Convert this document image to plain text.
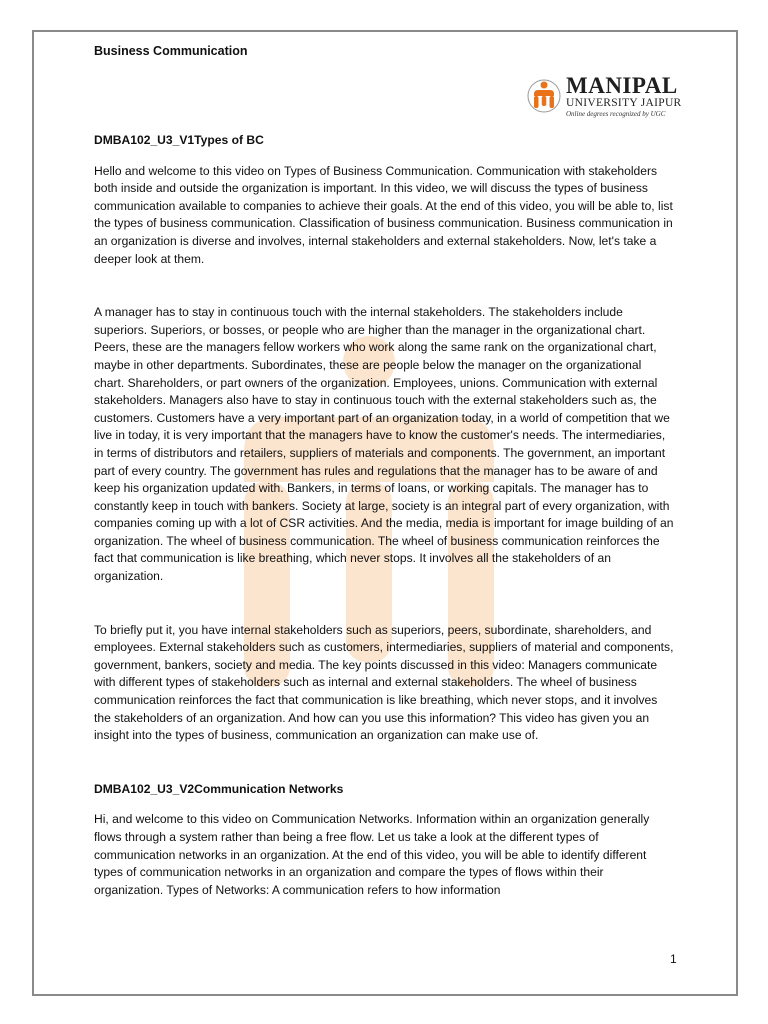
Business Communication
MANIPAL
UNIVERSITY JAIPUR
Online degrees recognized by UGC

DMBA102_U3_V1Types of BC

Hello and welcome to this video on Types of Business Communication. Communication with stakeholders both inside and outside the organization is important. In this video, we will discuss the types of business communication available to companies to achieve their goals. At the end of this video, you will be able to, list the types of business communication. Classification of business communication. Business communication in an organization is diverse and involves, internal stakeholders and external stakeholders. Now, let's take a deeper look at them.

A manager has to stay in continuous touch with the internal stakeholders. The stakeholders include superiors. Superiors, or bosses, or people who are higher than the manager in the organizational chart. Peers, these are the managers fellow workers who work along the same rank on the organizational chart, maybe in other departments. Subordinates, these are people below the manager on the organizational chart. Shareholders, or part owners of the organization. Employees, unions. Communication with external stakeholders. Managers also have to stay in continuous touch with the external stakeholders such as, the customers. Customers have a very important part of an organization today, in a world of competition that we live in today, it is very important that the managers have to know the customer's needs. The intermediaries, in terms of distributors and retailers, suppliers of materials and components. The government, an important part of every country. The government has rules and regulations that the manager has to be aware of and keep his organization updated with. Bankers, in terms of loans, or working capitals. The manager has to constantly keep in touch with bankers. Society at large, society is an integral part of every organization, with companies coming up with a lot of CSR activities. And the media, media is important for image building of an organization. The wheel of business communication. The wheel of business communication reinforces the fact that communication is like breathing, which never stops. It involves all the stakeholders of an organization.

To briefly put it, you have internal stakeholders such as superiors, peers, subordinate, shareholders, and employees. External stakeholders such as customers, intermediaries, suppliers of material and components, government, bankers, society and media. The key points discussed in this video: Managers communicate with different types of stakeholders such as internal and external stakeholders. The wheel of business communication reinforces the fact that communication is like breathing, which never stops, and it involves the stakeholders of an organization. And how can you use this information? This video has given you an insight into the types of business, communication an organization can make use of.

DMBA102_U3_V2Communication Networks

Hi, and welcome to this video on Communication Networks. Information within an organization generally flows through a system rather than being a free flow. Let us take a look at the different types of communication networks in an organization. At the end of this video, you will be able to identify different types of communication networks in an organization and compare the types of flows within their organization. Types of Networks: A communication refers to how information

1
